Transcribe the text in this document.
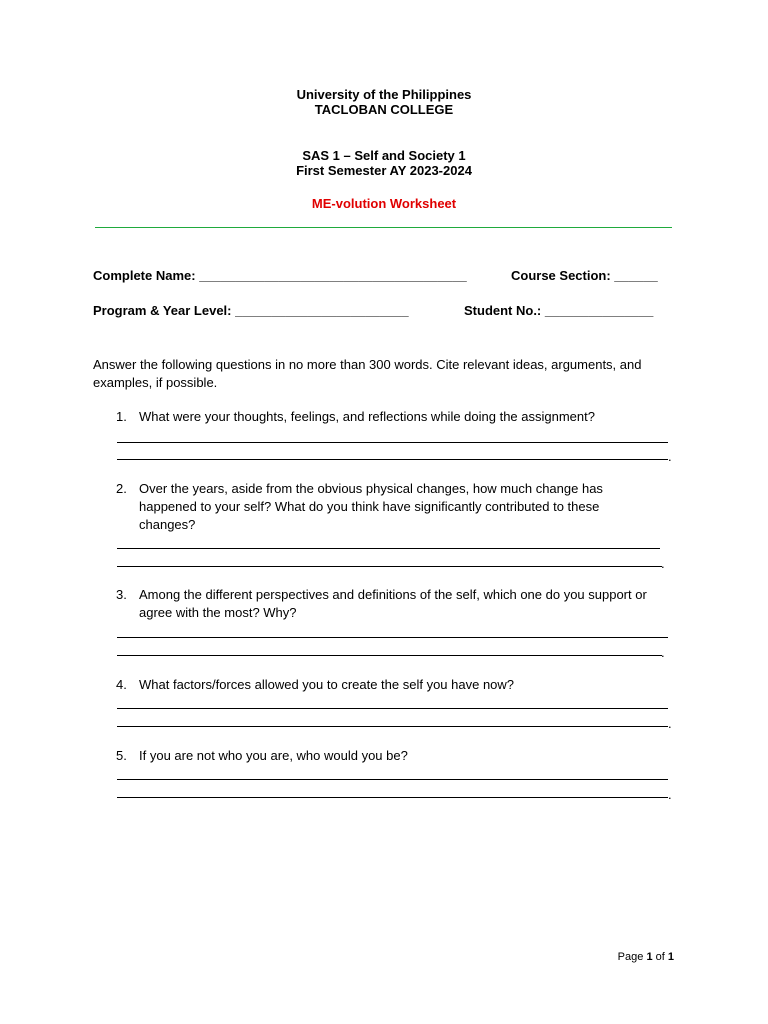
University of the Philippines
TACLOBAN COLLEGE
SAS 1 – Self and Society 1
First Semester AY 2023-2024
ME-volution Worksheet
Complete Name: _____________________________________	Course Section: ______
Program & Year Level: ________________________	Student No.: _______________
Answer the following questions in no more than 300 words. Cite relevant ideas, arguments, and examples, if possible.
1. What were your thoughts, feelings, and reflections while doing the assignment?
.
2. Over the years, aside from the obvious physical changes, how much change has happened to your self? What do you think have significantly contributed to these changes?
.
3. Among the different perspectives and definitions of the self, which one do you support or agree with the most? Why?
.
4. What factors/forces allowed you to create the self you have now?
.
5. If you are not who you are, who would you be?
.
Page 1 of 1
